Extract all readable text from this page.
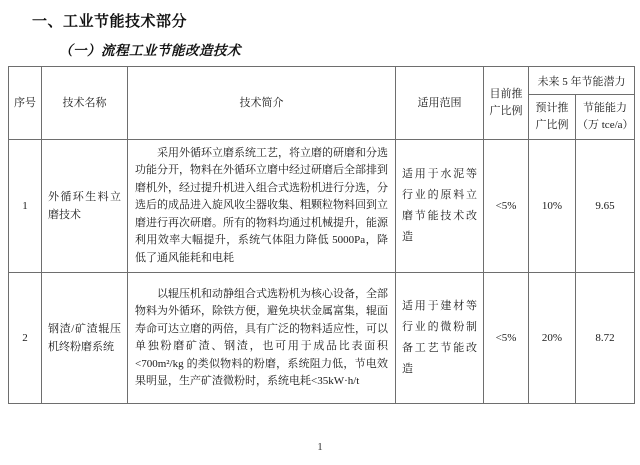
一、工业节能技术部分
（一）流程工业节能改造技术
序号	技术名称	技术简介	适用范围	目前推广比例	未来 5 年节能潜力	
					预计推广比例	节能能力
（万 tce/a）

1	外循环生料立磨技术	采用外循环立磨系统工艺，将立磨的研磨和分选功能分开，物料在外循环立磨中经过研磨后全部排到磨机外，经过提升机进入组合式选粉机进行分选，分选后的成品进入旋风收尘器收集、粗颗粒物料回到立磨进行再次研磨。所有的物料均通过机械提升，能源利用效率大幅提升，系统气体阻力降低 5000Pa，降低了通风能耗和电耗	适用于水泥等行业的原料立磨节能技术改造	<5%	10%	9.65
2	钢渣/矿渣辊压机终粉磨系统	以辊压机和动静组合式选粉机为核心设备，全部物料为外循环，除铁方便，避免块状金属富集，辊面寿命可达立磨的两倍，具有广泛的物料适应性，可以单独粉磨矿渣、钢渣，也可用于成品比表面积<700m²/kg 的类似物料的粉磨，系统阻力低，节电效果明显，生产矿渣微粉时，系统电耗<35kW·h/t	适用于建材等行业的微粉制备工艺节能改造	<5%	20%	8.72
1
